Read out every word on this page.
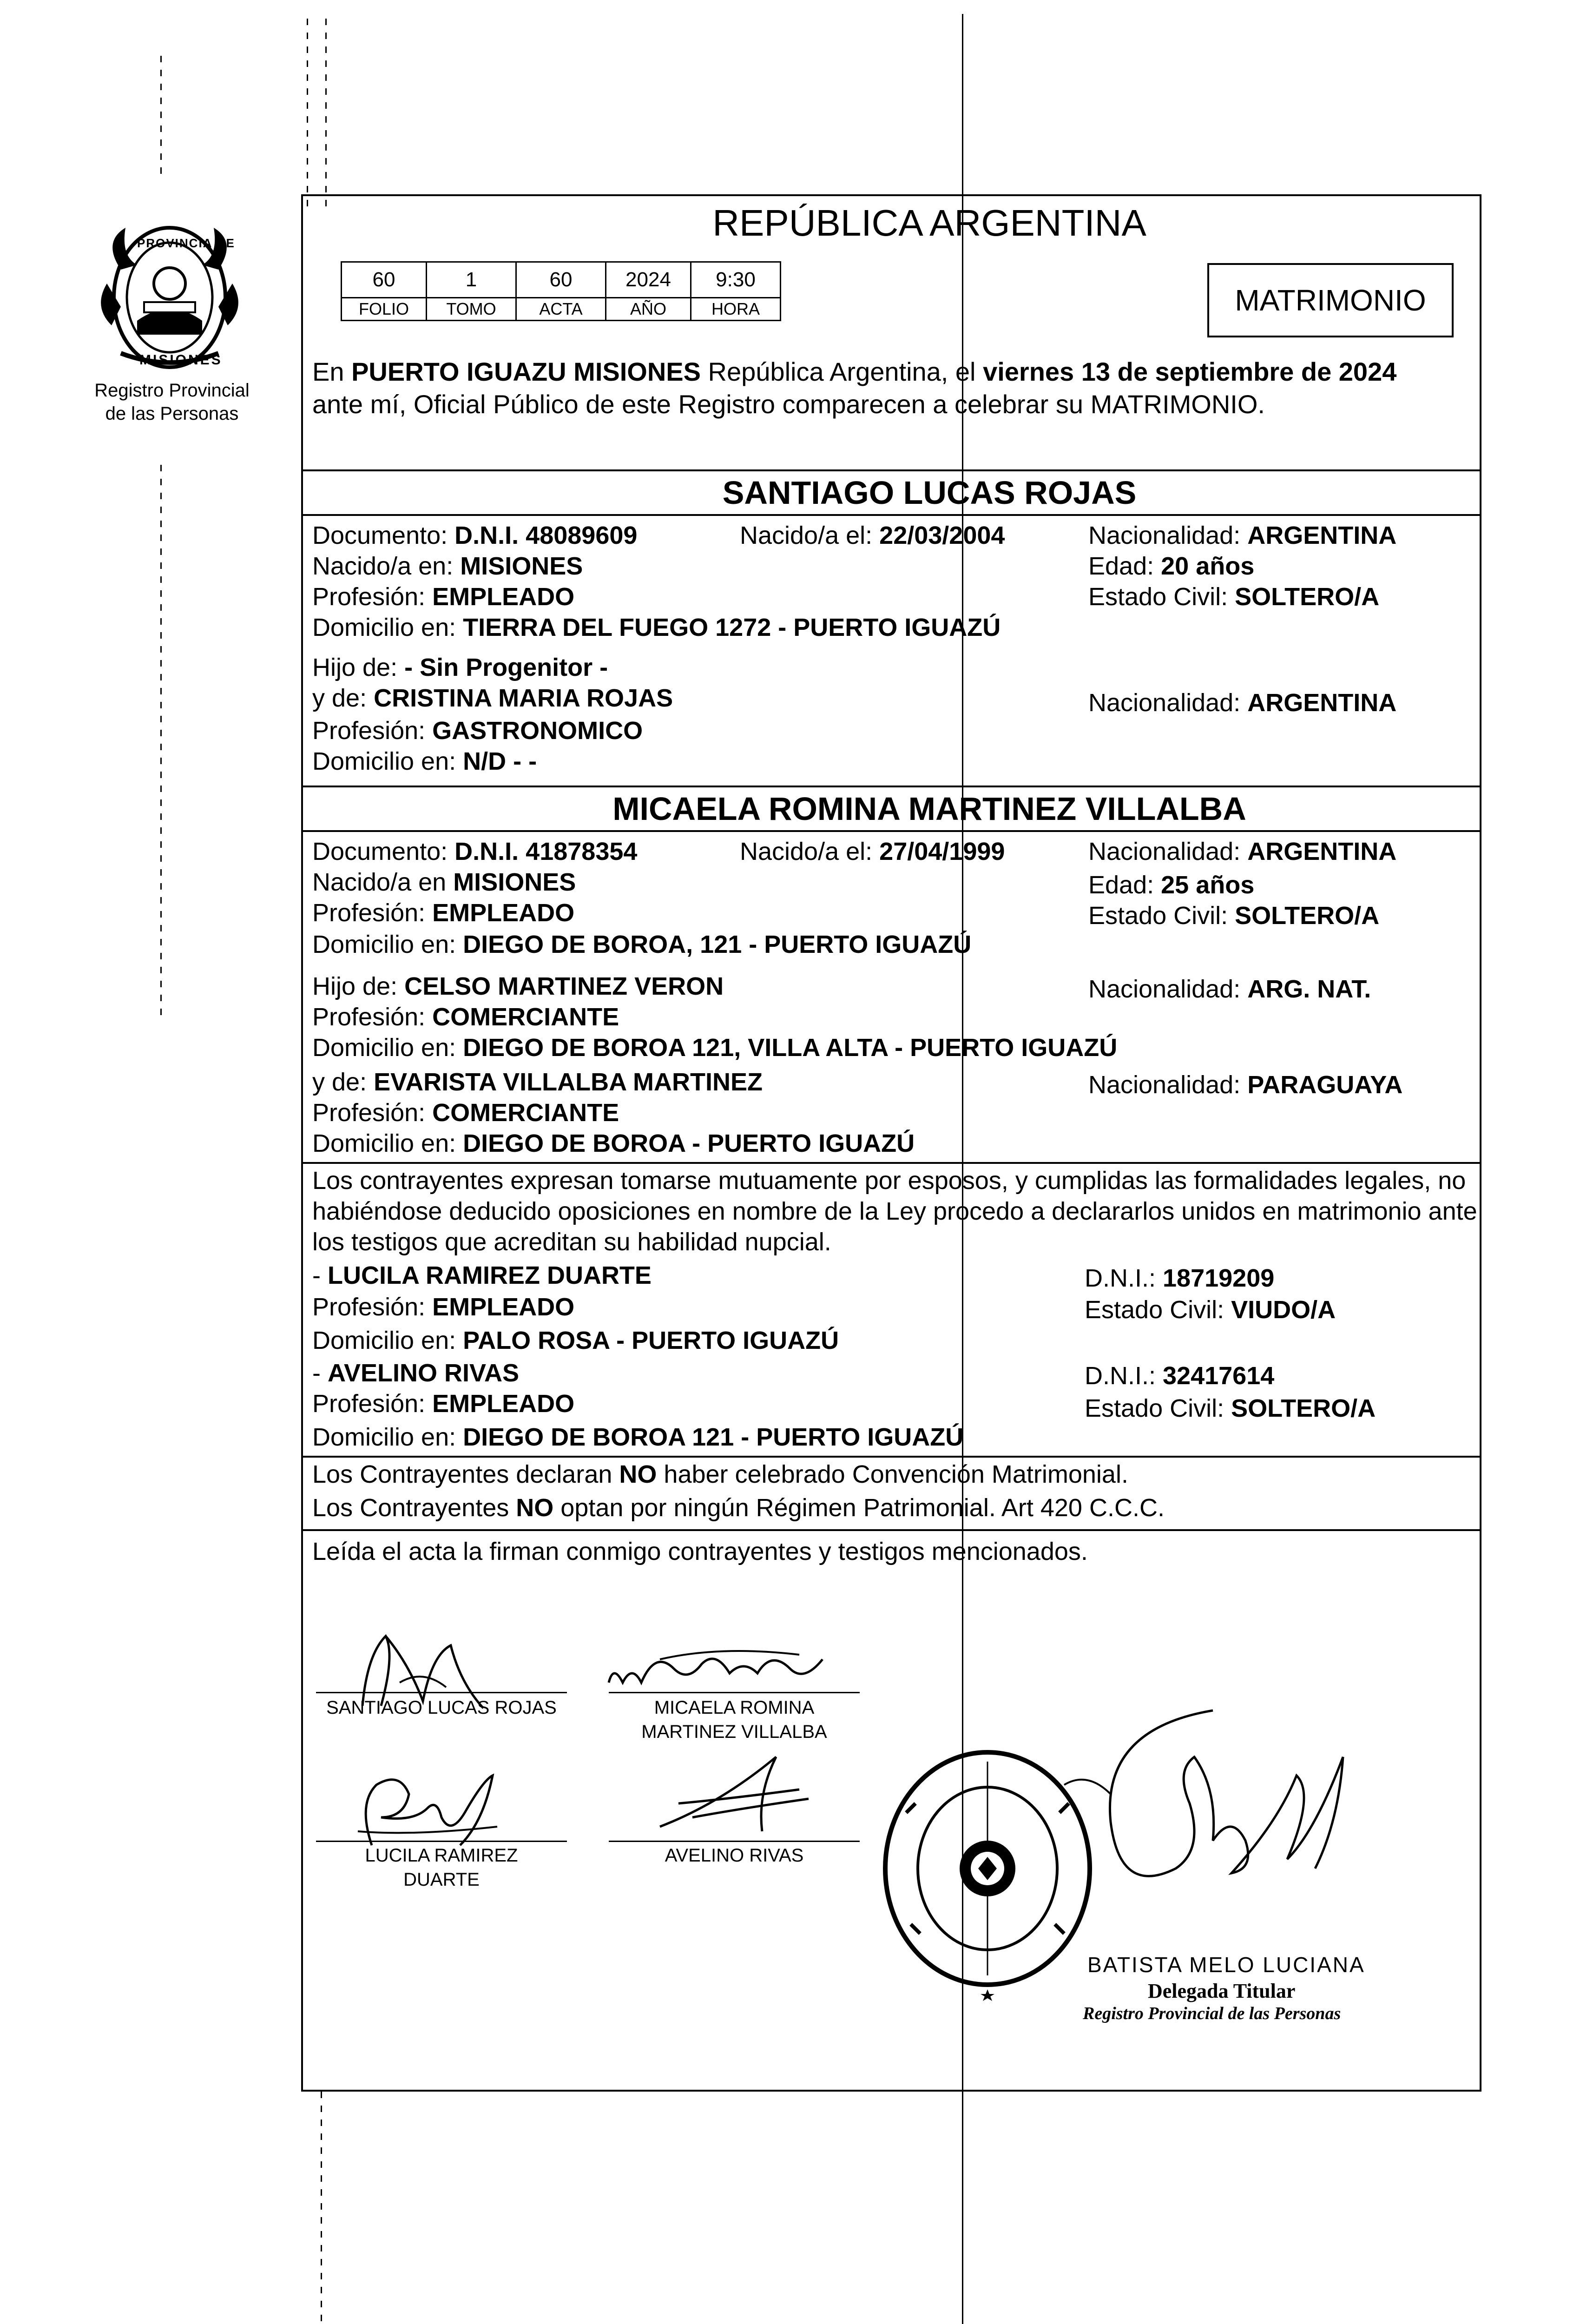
PROVINCIA DE
MISIONES
Registro Provincial
de las Personas
REPÚBLICA ARGENTINA
60	1	60	2024	9:30
FOLIO	TOMO	ACTA	AÑO	HORA	MATRIMONIO
En PUERTO IGUAZU MISIONES República Argentina, el viernes 13 de septiembre de 2024
ante mí, Oficial Público de este Registro comparecen a celebrar su MATRIMONIO.
SANTIAGO LUCAS ROJAS
Documento: D.N.I. 48089609	Nacido/a el: 22/03/2004	Nacionalidad: ARGENTINA
Nacido/a en: MISIONES	Edad: 20 años
Profesión: EMPLEADO	Estado Civil: SOLTERO/A
Domicilio en: TIERRA DEL FUEGO 1272 - PUERTO IGUAZÚ
Hijo de: - Sin Progenitor -
y de: CRISTINA MARIA ROJAS	Nacionalidad: ARGENTINA
Profesión: GASTRONOMICO
Domicilio en: N/D - -
MICAELA ROMINA MARTINEZ VILLALBA
Documento: D.N.I. 41878354	Nacido/a el: 27/04/1999	Nacionalidad: ARGENTINA
Nacido/a en MISIONES	Edad: 25 años
Profesión: EMPLEADO	Estado Civil: SOLTERO/A
Domicilio en: DIEGO DE BOROA, 121 - PUERTO IGUAZÚ
Hijo de: CELSO MARTINEZ VERON	Nacionalidad: ARG. NAT.
Profesión: COMERCIANTE
Domicilio en: DIEGO DE BOROA 121, VILLA ALTA - PUERTO IGUAZÚ
y de: EVARISTA VILLALBA MARTINEZ	Nacionalidad: PARAGUAYA
Profesión: COMERCIANTE
Domicilio en: DIEGO DE BOROA - PUERTO IGUAZÚ
Los contrayentes expresan tomarse mutuamente por esposos, y cumplidas las formalidades legales, no
habiéndose deducido oposiciones en nombre de la Ley procedo a declararlos unidos en matrimonio ante
los testigos que acreditan su habilidad nupcial.
- LUCILA RAMIREZ DUARTE	D.N.I.: 18719209
Profesión: EMPLEADO	Estado Civil: VIUDO/A
Domicilio en: PALO ROSA - PUERTO IGUAZÚ
- AVELINO RIVAS	D.N.I.: 32417614
Profesión: EMPLEADO	Estado Civil: SOLTERO/A
Domicilio en: DIEGO DE BOROA 121 - PUERTO IGUAZÚ
Los Contrayentes declaran NO haber celebrado Convención Matrimonial.
Los Contrayentes NO optan por ningún Régimen Patrimonial. Art 420 C.C.C.
Leída el acta la firman conmigo contrayentes y testigos mencionados.
SANTIAGO LUCAS ROJAS	MICAELA ROMINA
MARTINEZ VILLALBA
LUCILA RAMIREZ
DUARTE
AVELINO RIVAS
BATISTA MELO LUCIANA
Delegada Titular
Registro Provincial de las Personas
